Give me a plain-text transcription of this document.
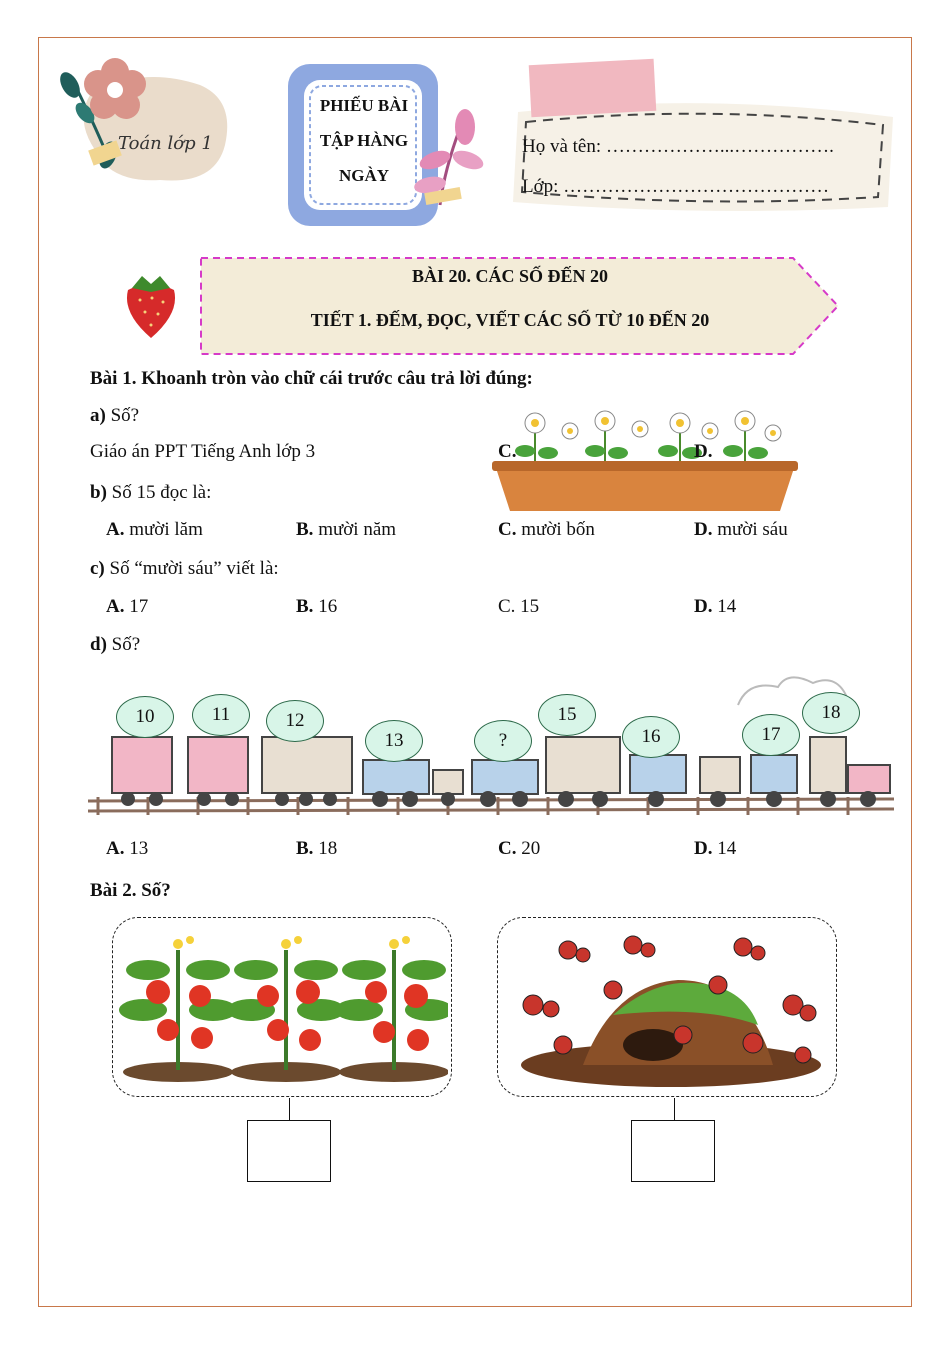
Toán lớp 1
PHIẾU BÀI
TẬP HÀNG
NGÀY
Họ và tên: ………………...…………….
Lớp: ……………………………………
BÀI 20. CÁC SỐ ĐẾN 20
TIẾT 1. ĐẾM, ĐỌC, VIẾT CÁC SỐ TỪ 10 ĐẾN 20
Bài 1. Khoanh tròn vào chữ cái trước câu trả lời đúng:
a) Số?
Giáo án PPT Tiếng Anh lớp 3	C.	D.
b) Số 15 đọc là:
A. mười lăm	B. mười năm	C. mười bốn	D. mười sáu
c) Số “mười sáu” viết là:
A. 17	B. 16	C. 15	D. 14
d) Số?
10	11	12
13	?
15
16	17
18
A. 13	B. 18	C. 20	D. 14
Bài 2. Số?
